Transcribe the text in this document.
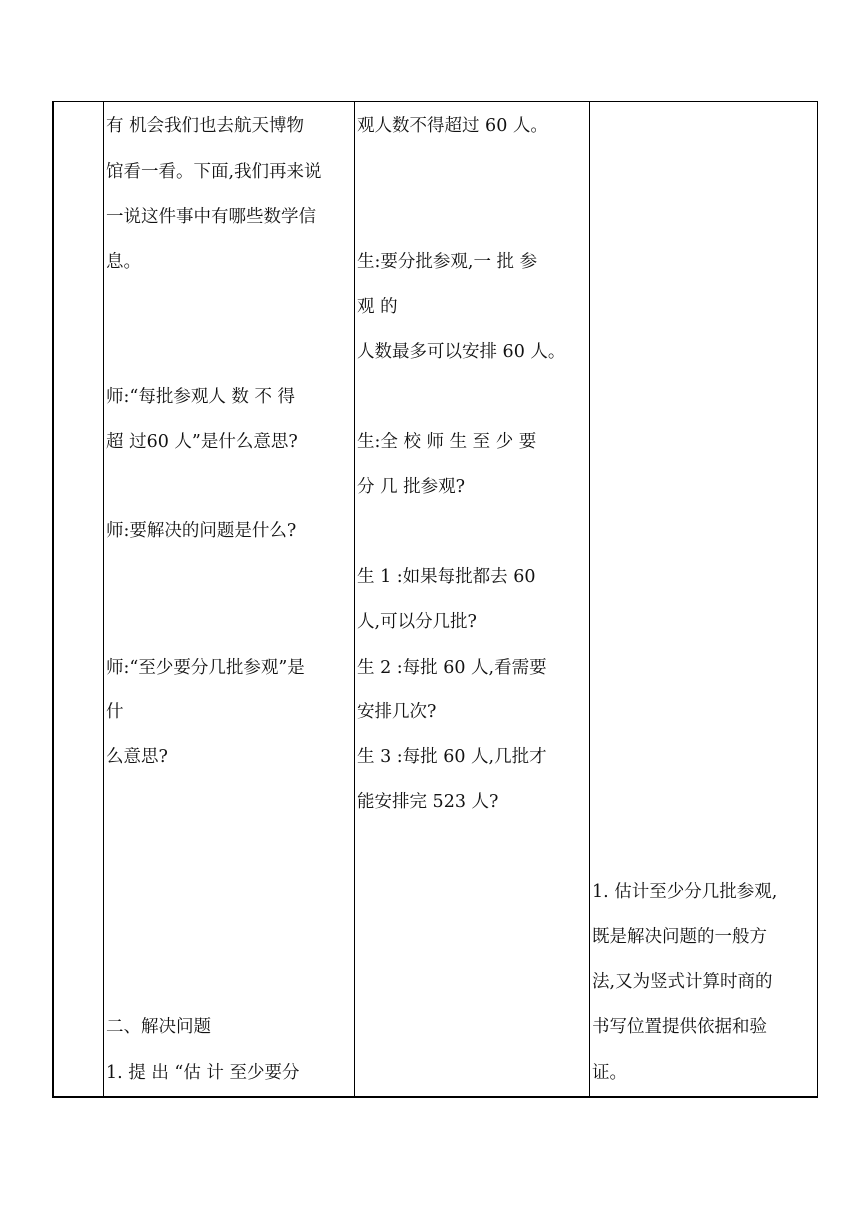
有 机会我们也去航天博物
馆看一看。下面,我们再来说
一说这件事中有哪些数学信
息。
师:“每批参观人 数 不 得
超 过60 人”是什么意思?
师:要解决的问题是什么?
师:“至少要分几批参观”是
什
么意思?
二、解决问题
1. 提 出 “估 计 至少要分
观人数不得超过 60 人。
生:要分批参观,一 批 参
观 的
人数最多可以安排 60 人。
生:全 校 师 生 至 少 要
分 几 批参观?
生 1 :如果每批都去 60
人,可以分几批?
生 2 :每批 60 人,看需要
安排几次?
生 3 :每批 60 人,几批才
能安排完 523 人?
1. 估计至少分几批参观,
既是解决问题的一般方
法,又为竖式计算时商的
书写位置提供依据和验
证。
